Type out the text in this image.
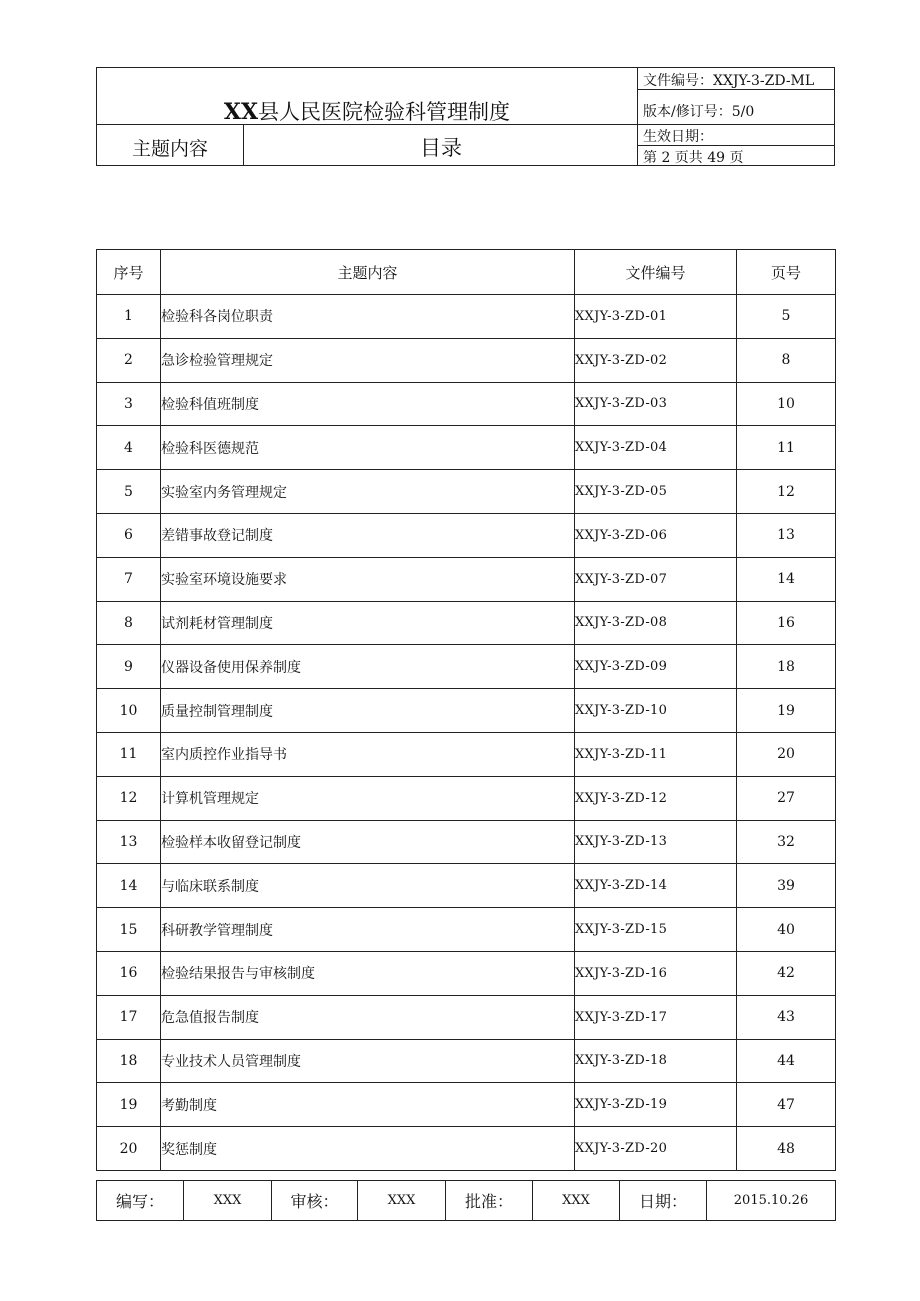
XX县人民医院检验科管理制度
主题内容	目录
文件编号：XXJY-3-ZD-ML
版本/修订号：5/0
生效日期：
第 2 页共 49 页
序号	主题内容	文件编号	页号
1	检验科各岗位职责	XXJY-3-ZD-01	5
2	急诊检验管理规定	XXJY-3-ZD-02	8
3	检验科值班制度	XXJY-3-ZD-03	10
4	检验科医德规范	XXJY-3-ZD-04	11
5	实验室内务管理规定	XXJY-3-ZD-05	12
6	差错事故登记制度	XXJY-3-ZD-06	13
7	实验室环境设施要求	XXJY-3-ZD-07	14
8	试剂耗材管理制度	XXJY-3-ZD-08	16
9	仪器设备使用保养制度	XXJY-3-ZD-09	18
10	质量控制管理制度	XXJY-3-ZD-10	19
11	室内质控作业指导书	XXJY-3-ZD-11	20
12	计算机管理规定	XXJY-3-ZD-12	27
13	检验样本收留登记制度	XXJY-3-ZD-13	32
14	与临床联系制度	XXJY-3-ZD-14	39
15	科研教学管理制度	XXJY-3-ZD-15	40
16	检验结果报告与审核制度	XXJY-3-ZD-16	42
17	危急值报告制度	XXJY-3-ZD-17	43
18	专业技术人员管理制度	XXJY-3-ZD-18	44
19	考勤制度	XXJY-3-ZD-19	47
20	奖惩制度	XXJY-3-ZD-20	48
编写：	XXX	审核：	XXX	批准：	XXX	日期：	2015.10.26
